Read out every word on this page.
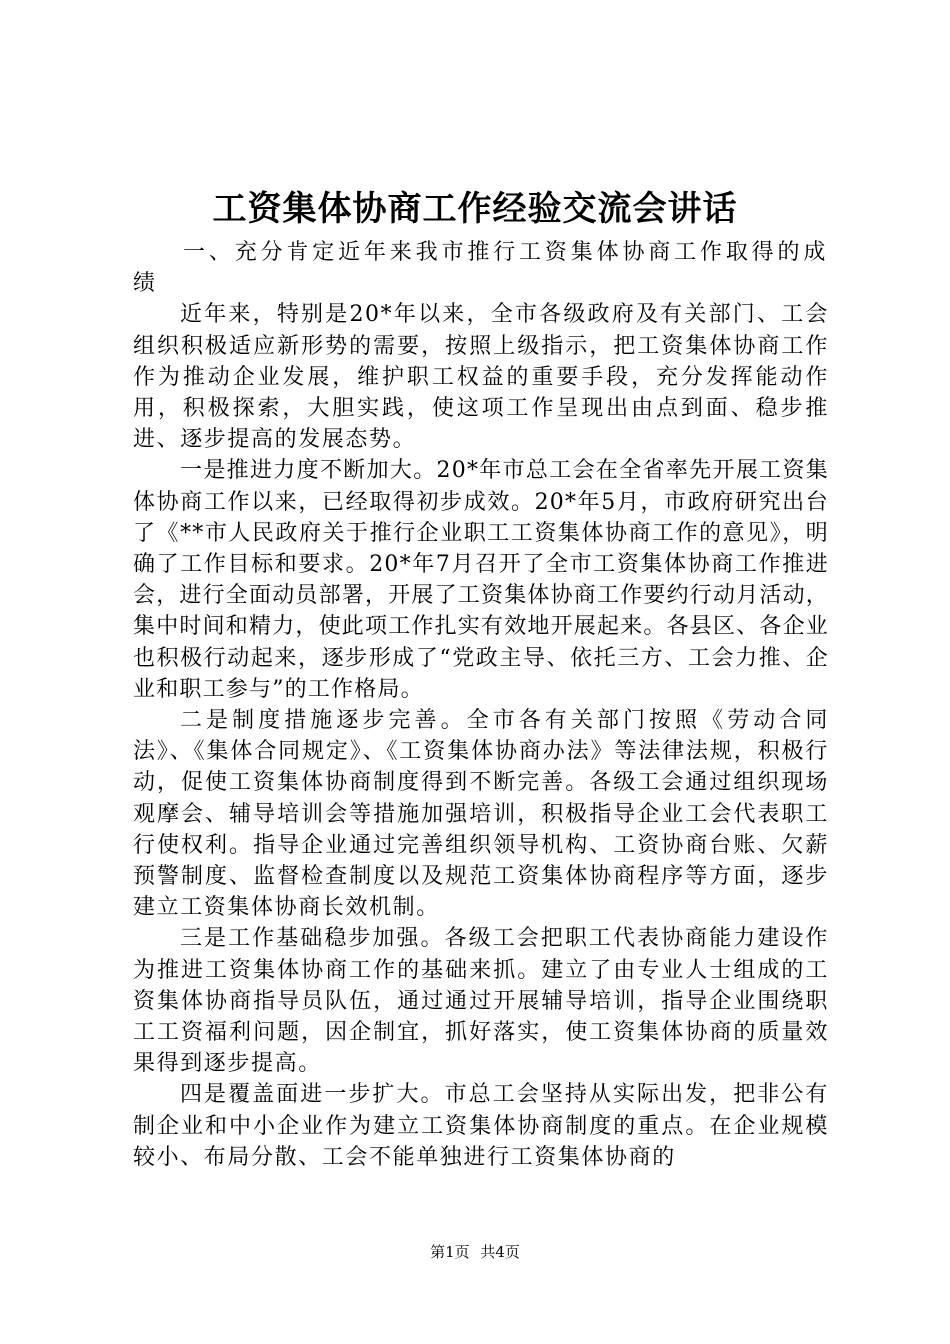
工资集体协商工作经验交流会讲话

一、充分肯定近年来我市推行工资集体协商工作取得的成绩

近年来，特别是20*年以来，全市各级政府及有关部门、工会组织积极适应新形势的需要，按照上级指示，把工资集体协商工作作为推动企业发展，维护职工权益的重要手段，充分发挥能动作用，积极探索，大胆实践，使这项工作呈现出由点到面、稳步推进、逐步提高的发展态势。

一是推进力度不断加大。20*年市总工会在全省率先开展工资集体协商工作以来，已经取得初步成效。20*年5月，市政府研究出台了《**市人民政府关于推行企业职工工资集体协商工作的意见》，明确了工作目标和要求。20*年7月召开了全市工资集体协商工作推进会，进行全面动员部署，开展了工资集体协商工作要约行动月活动，集中时间和精力，使此项工作扎实有效地开展起来。各县区、各企业也积极行动起来，逐步形成了“党政主导、依托三方、工会力推、企业和职工参与”的工作格局。

二是制度措施逐步完善。全市各有关部门按照《劳动合同法》、《集体合同规定》、《工资集体协商办法》等法律法规，积极行动，促使工资集体协商制度得到不断完善。各级工会通过组织现场观摩会、辅导培训会等措施加强培训，积极指导企业工会代表职工行使权利。指导企业通过完善组织领导机构、工资协商台账、欠薪预警制度、监督检查制度以及规范工资集体协商程序等方面，逐步建立工资集体协商长效机制。

三是工作基础稳步加强。各级工会把职工代表协商能力建设作为推进工资集体协商工作的基础来抓。建立了由专业人士组成的工资集体协商指导员队伍，通过通过开展辅导培训，指导企业围绕职工工资福利问题，因企制宜，抓好落实，使工资集体协商的质量效果得到逐步提高。

四是覆盖面进一步扩大。市总工会坚持从实际出发，把非公有制企业和中小企业作为建立工资集体协商制度的重点。在企业规模较小、布局分散、工会不能单独进行工资集体协商的

第1页 共4页
